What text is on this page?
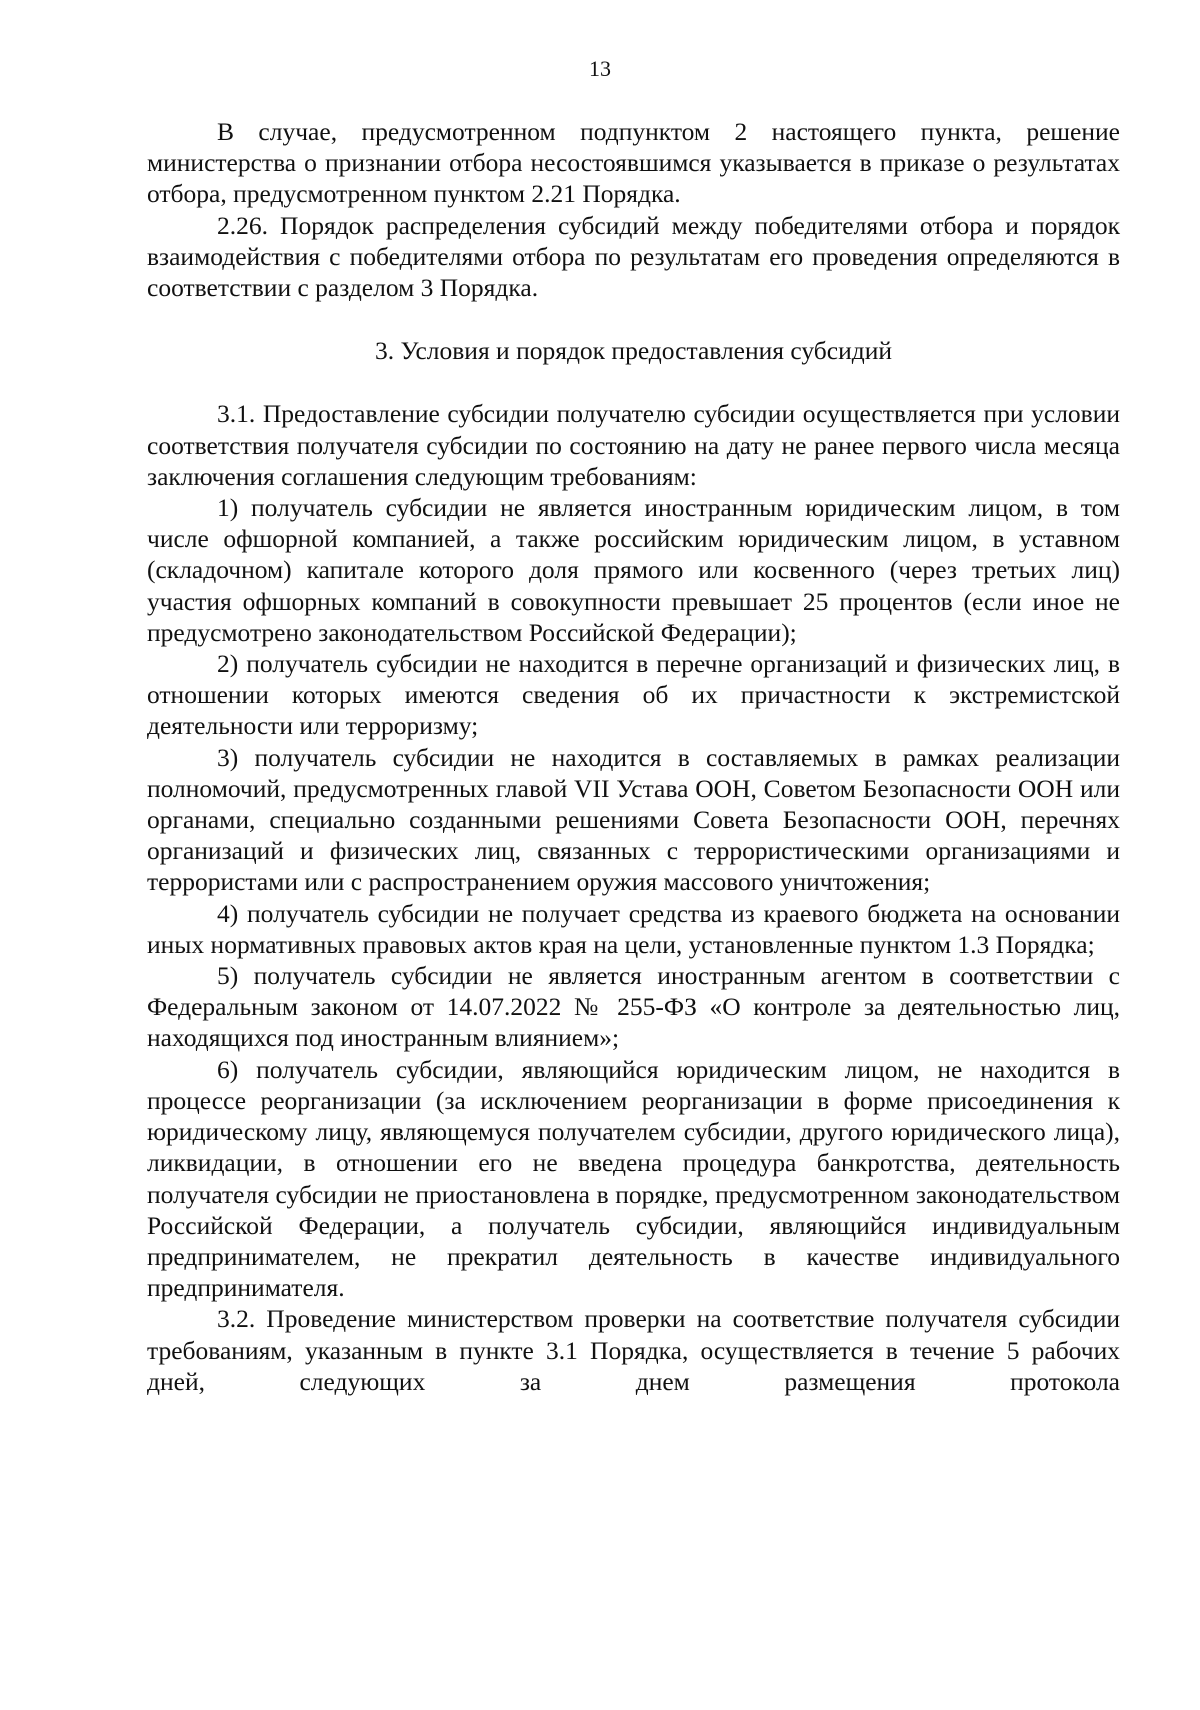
13

В случае, предусмотренном подпунктом 2 настоящего пункта, решение министерства о признании отбора несостоявшимся указывается в приказе о результатах отбора, предусмотренном пунктом 2.21 Порядка.

2.26. Порядок распределения субсидий между победителями отбора и порядок взаимодействия с победителями отбора по результатам его проведения определяются в соответствии с разделом 3 Порядка.

3. Условия и порядок предоставления субсидий

3.1. Предоставление субсидии получателю субсидии осуществляется при условии соответствия получателя субсидии по состоянию на дату не ранее первого числа месяца заключения соглашения следующим требованиям:

1) получатель субсидии не является иностранным юридическим лицом, в том числе офшорной компанией, а также российским юридическим лицом, в уставном (складочном) капитале которого доля прямого или косвенного (через третьих лиц) участия офшорных компаний в совокупности превышает 25 процентов (если иное не предусмотрено законодательством Российской Федерации);

2) получатель субсидии не находится в перечне организаций и физических лиц, в отношении которых имеются сведения об их причастности к экстремистской деятельности или терроризму;

3) получатель субсидии не находится в составляемых в рамках реализации полномочий, предусмотренных главой VII Устава ООН, Советом Безопасности ООН или органами, специально созданными решениями Совета Безопасности ООН, перечнях организаций и физических лиц, связанных с террористическими организациями и террористами или с распространением оружия массового уничтожения;

4) получатель субсидии не получает средства из краевого бюджета на основании иных нормативных правовых актов края на цели, установленные пунктом 1.3 Порядка;

5) получатель субсидии не является иностранным агентом в соответствии с Федеральным законом от 14.07.2022 № 255-ФЗ «О контроле за деятельностью лиц, находящихся под иностранным влиянием»;

6) получатель субсидии, являющийся юридическим лицом, не находится в процессе реорганизации (за исключением реорганизации в форме присоединения к юридическому лицу, являющемуся получателем субсидии, другого юридического лица), ликвидации, в отношении его не введена процедура банкротства, деятельность получателя субсидии не приостановлена в порядке, предусмотренном законодательством Российской Федерации, а получатель субсидии, являющийся индивидуальным предпринимателем, не прекратил деятельность в качестве индивидуального предпринимателя.

3.2. Проведение министерством проверки на соответствие получателя субсидии требованиям, указанным в пункте 3.1 Порядка, осуществляется в течение 5 рабочих дней, следующих за днем размещения протокола
